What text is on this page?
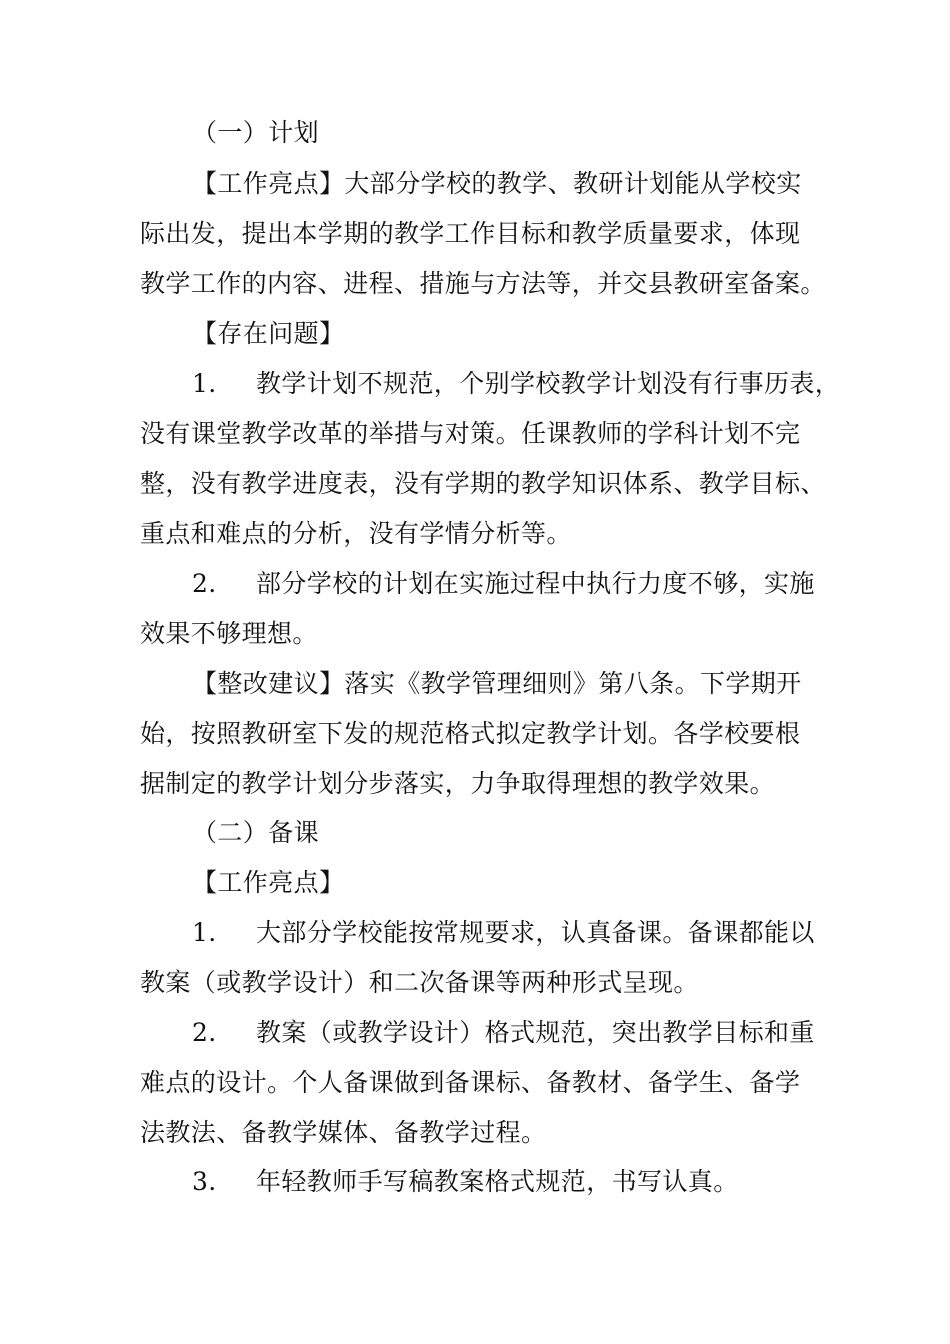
（一）计划
【工作亮点】大部分学校的教学、教研计划能从学校实
际出发，提出本学期的教学工作目标和教学质量要求，体现
教学工作的内容、进程、措施与方法等，并交县教研室备案。
【存在问题】
1. 教学计划不规范，个别学校教学计划没有行事历表，
没有课堂教学改革的举措与对策。任课教师的学科计划不完
整，没有教学进度表，没有学期的教学知识体系、教学目标、
重点和难点的分析，没有学情分析等。
2. 部分学校的计划在实施过程中执行力度不够，实施
效果不够理想。
【整改建议】落实《教学管理细则》第八条。下学期开
始，按照教研室下发的规范格式拟定教学计划。各学校要根
据制定的教学计划分步落实，力争取得理想的教学效果。
（二）备课
【工作亮点】
1. 大部分学校能按常规要求，认真备课。备课都能以
教案（或教学设计）和二次备课等两种形式呈现。
2. 教案（或教学设计）格式规范，突出教学目标和重
难点的设计。个人备课做到备课标、备教材、备学生、备学
法教法、备教学媒体、备教学过程。
3. 年轻教师手写稿教案格式规范，书写认真。
